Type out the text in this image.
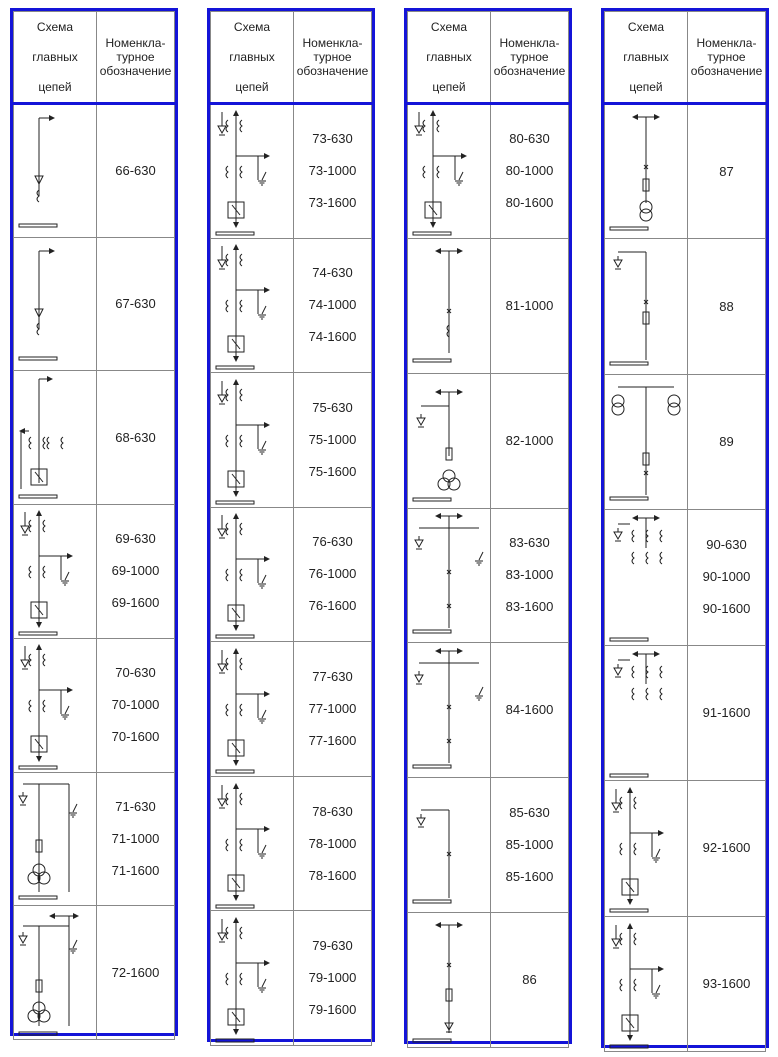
Схема
главных
цепей	Номенкла-
турное
обозначение

66-630

67-630

68-630

69-630
69-1000
69-1600

70-630
70-1000
70-1600

71-630
71-1000
71-1600

72-1600
Схема
главных
цепей	Номенкла-
турное
обозначение

73-630
73-1000
73-1600

74-630
74-1000
74-1600

75-630
75-1000
75-1600

76-630
76-1000
76-1600

77-630
77-1000
77-1600

78-630
78-1000
78-1600

79-630
79-1000
79-1600
Схема
главных
цепей	Номенкла-
турное
обозначение

80-630
80-1000
80-1600

81-1000

82-1000

83-630
83-1000
83-1600

84-1600

85-630
85-1000
85-1600

86
Схема
главных
цепей	Номенкла-
турное
обозначение

87

88

89

90-630
90-1000
90-1600

91-1600

92-1600

93-1600
